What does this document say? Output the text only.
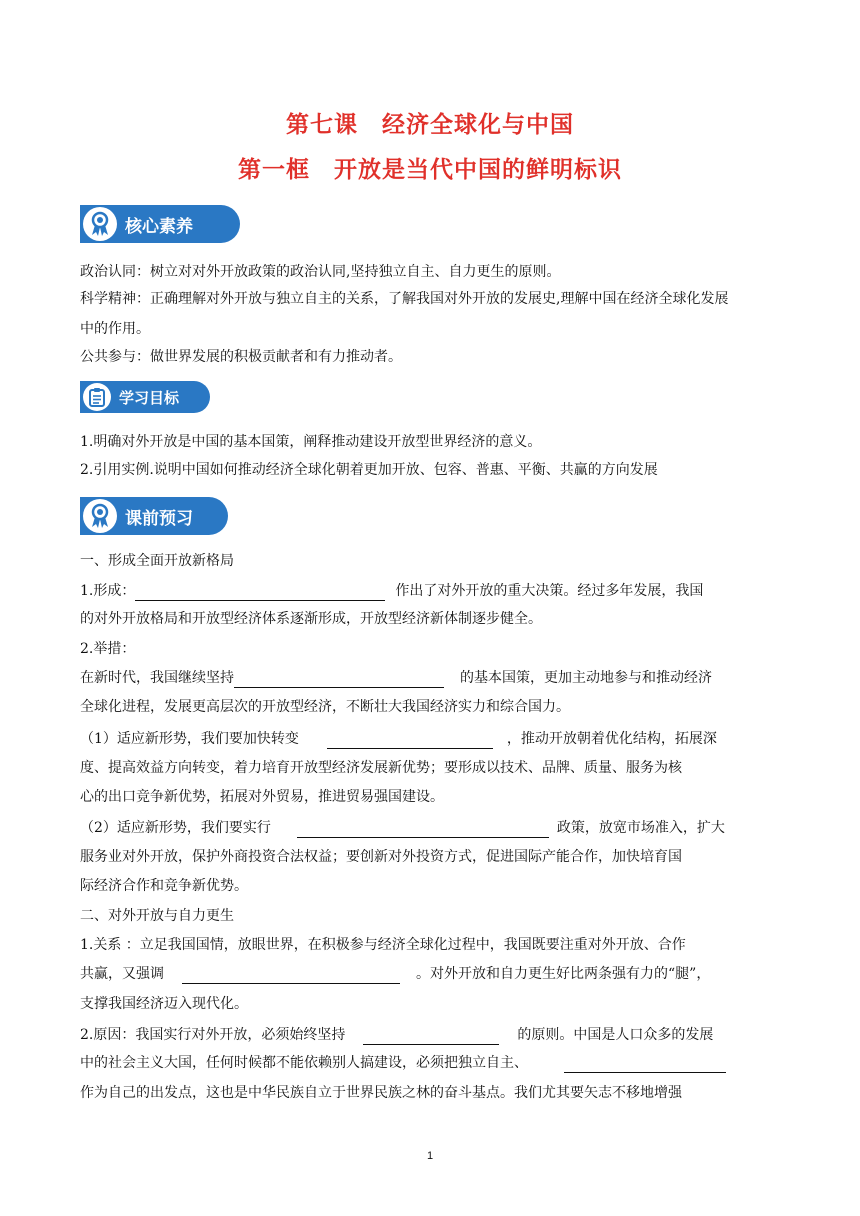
第七课　经济全球化与中国
第一框　开放是当代中国的鲜明标识
核心素养
政治认同：树立对对外开放政策的政治认同,坚持独立自主、自力更生的原则。
科学精神：正确理解对外开放与独立自主的关系，了解我国对外开放的发展史,理解中国在经济全球化发展
中的作用。
公共参与：做世界发展的积极贡献者和有力推动者。
学习目标
1.明确对外开放是中国的基本国策，阐释推动建设开放型世界经济的意义。
2.引用实例.说明中国如何推动经济全球化朝着更加开放、包容、普惠、平衡、共赢的方向发展
课前预习
一、形成全面开放新格局
1.形成：	作出了对外开放的重大决策。经过多年发展，我国
的对外开放格局和开放型经济体系逐渐形成，开放型经济新体制逐步健全。
2.举措：
在新时代，我国继续坚持	的基本国策，更加主动地参与和推动经济
全球化进程，发展更高层次的开放型经济，不断壮大我国经济实力和综合国力。
（1）适应新形势，我们要加快转变	，推动开放朝着优化结构，拓展深
度、提高效益方向转变，着力培育开放型经济发展新优势；要形成以技术、品牌、质量、服务为核
心的出口竞争新优势，拓展对外贸易，推进贸易强国建设。
（2）适应新形势，我们要实行	政策，放宽市场准入，扩大
服务业对外开放，保护外商投资合法权益；要创新对外投资方式，促进国际产能合作，加快培育国
际经济合作和竞争新优势。
二、对外开放与自力更生
1.关系 ：立足我国国情，放眼世界，在积极参与经济全球化过程中，我国既要注重对外开放、合作
共赢，又强调	。对外开放和自力更生好比两条强有力的“腿”，
支撑我国经济迈入现代化。
2.原因：我国实行对外开放，必须始终坚持	的原则。中国是人口众多的发展
中的社会主义大国，任何时候都不能依赖别人搞建设，必须把独立自主、
作为自己的出发点，这也是中华民族自立于世界民族之林的奋斗基点。我们尤其要矢志不移地增强
1
